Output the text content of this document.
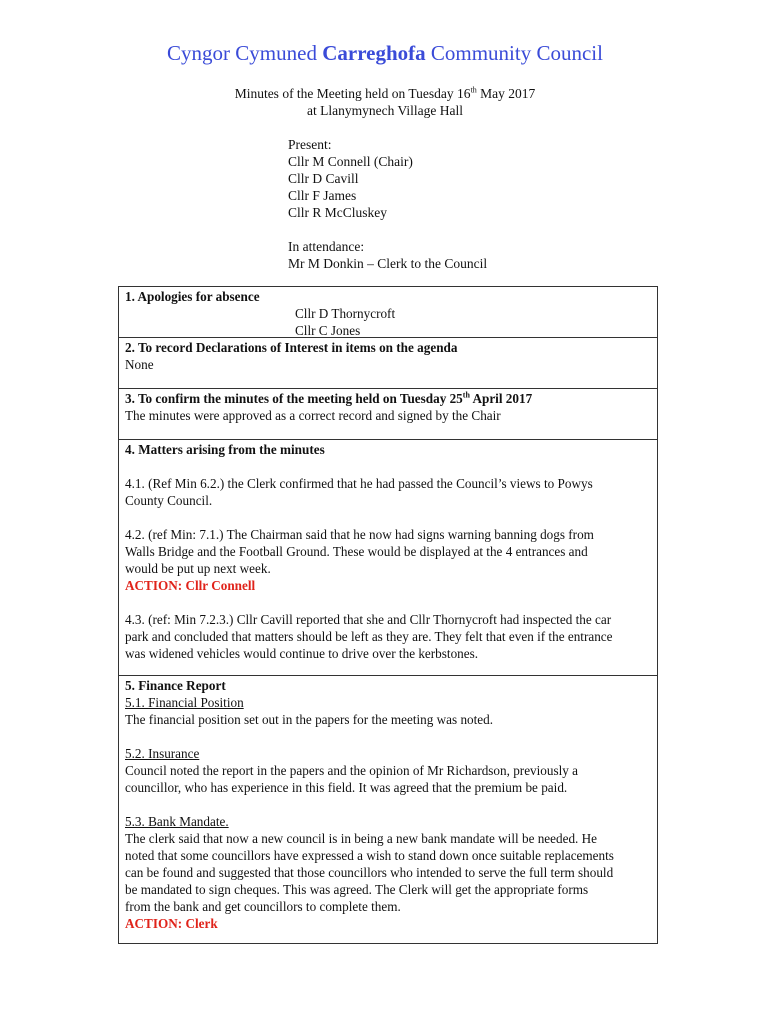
Cyngor Cymuned Carreghofa Community Council
Minutes of the Meeting held on Tuesday 16th May 2017
at Llanymynech Village Hall
Present:
Cllr M Connell (Chair)
Cllr D Cavill
Cllr F James
Cllr R McCluskey
In attendance:
Mr M Donkin – Clerk to the Council
1. Apologies for absence

Cllr D Thornycroft

Cllr C Jones

2. To record Declarations of Interest in items on the agenda

None

3. To confirm the minutes of the meeting held on Tuesday 25th April 2017

The minutes were approved as a correct record and signed by the Chair

4. Matters arising from the minutes

4.1. (Ref Min 6.2.) the Clerk confirmed that he had passed the Council’s views to Powys

County Council.

4.2. (ref Min: 7.1.) The Chairman said that he now had signs warning banning dogs from

Walls Bridge and the Football Ground. These would be displayed at the 4 entrances and

would be put up next week.

ACTION: Cllr Connell

4.3. (ref: Min 7.2.3.) Cllr Cavill reported that she and Cllr Thornycroft had inspected the car

park and concluded that matters should be left as they are. They felt that even if the entrance

was widened vehicles would continue to drive over the kerbstones.

5. Finance Report

5.1. Financial Position

The financial position set out in the papers for the meeting was noted.

5.2. Insurance

Council noted the report in the papers and the opinion of Mr Richardson, previously a

councillor, who has experience in this field. It was agreed that the premium be paid.

5.3. Bank Mandate.

The clerk said that now a new council is in being a new bank mandate will be needed. He

noted that some councillors have expressed a wish to stand down once suitable replacements

can be found and suggested that those councillors who intended to serve the full term should

be mandated to sign cheques. This was agreed. The Clerk will get the appropriate forms

from the bank and get councillors to complete them.

ACTION: Clerk
